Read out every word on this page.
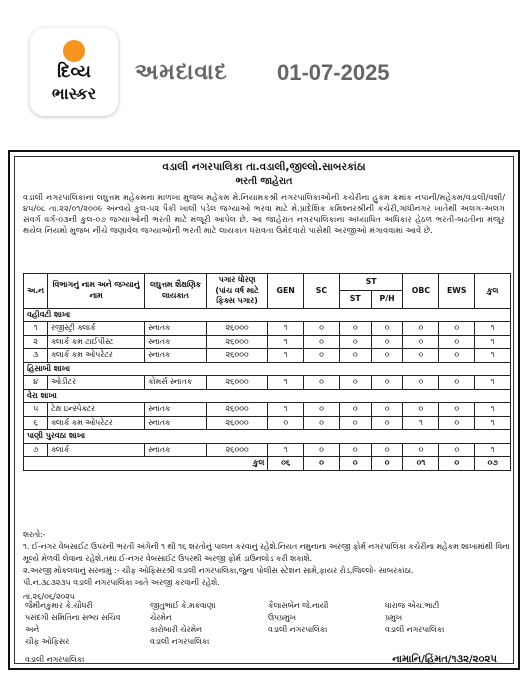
દિવ્ય
ભાસ્કર
અમદાવાદ 01-07-2025
વડાલી નગરપાલિકા તા.વડાલી,જીલ્લો.સાબરકાંઠા
ભરતી જાહેરાત
વડાલી નગરપાલિકાના લઘુત્તમ મહેકમના માળખા મુજબ મહેકમ મે.નિયામકશ્રી નગરપાલિકાઓની કચેરીના હુકમ ક્રમાંક નપાની/મહેકમ/વડાલી/વશી/૪૫/૦૮ તા.૨૨/૦૧/૨૦૦૯ અન્વયે કુલ-૫૨ પૈકી ખાલી પડેલ જગ્યાઓ ભરવા માટે મે.પ્રાદેશિક કમિશ્નરશ્રીની કચેરી,ગાંધીનગર ખાતેથી અલગ-અલગ સંવર્ગ વર્ગ-૦૩ની કુલ-૦૭ જગ્યાઓની ભરતી માટે મંજૂરી આપેલ છે. આ જાહેરાત નગરપાલિકાના અધ્યાધિત અધિકાર હેઠળ ભરતી-બઢતીના મંજૂર થયેલ નિયમો મુજબ નીચે જણાવેલ જગ્યાઓની ભરતી માટે લાયકાત ધરાવતા ઉમેદવારો પાસેથી અરજીઓ મંગાવવામાં આવે છે.
અ.ન	વિભાગનું નામ અને જગ્યાનું નામ	લઘુત્તમ શૈક્ષણિક લાયકાત	પગાર ધોરણ (પાંચ વર્ષ માટે ફિક્સ પગાર)	GEN	SC	ST		OBC	EWS	કુલ
						ST	P/H			
વહીવટી શાખા										
૧	રજીસ્ટ્રી ક્લાર્ક	સ્નાતક	૨૬૦૦૦	૧	૦	૦	૦	૦	૦	૧
૨	ક્લાર્ક કમ ટાઈપીસ્ટ	સ્નાતક	૨૬૦૦૦	૧	૦	૦	૦	૦	૦	૧
૩	ક્લાર્ક કમ ઓપરેટર	સ્નાતક	૨૬૦૦૦	૧	૦	૦	૦	૦	૦	૧
હિસાબી શાખા										
૪	ઓડીટર	કોમર્સ સ્નાતક	૨૬૦૦૦	૧	૦	૦	૦	૦	૦	૧
વેરા શાખા										
૫	ટેક્ષ ઇન્સ્પેક્ટર	સ્નાતક	૨૬૦૦૦	૧	૦	૦	૦	૦	૦	૧
૬	ક્લાર્ક કમ ઓપરેટર	સ્નાતક	૨૬૦૦૦	૦	૦	૦	૦	૧	૦	૧
પાણી પુરવઠા શાખા										
૭	ક્લાર્ક	સ્નાતક	૨૬૦૦૦	૧	૦	૦	૦	૦	૦	૧
કુલ				૦૬	૦	૦	૦	૦૧	૦	૦૭

શરતો:-

૧. ઈ-નગર વેબસાઈટ ઉપરની ભરતી અંગેની ૧ થી ૧૬ શરતોનું પાલન કરવાનું રહેશે.નિયત નમુનાના અરજી ફોર્મ નગરપાલિકા કચેરીના મહેકમ શાખામાંથી વિના મૂલ્યે મેળવી લેવાના રહેશે.તથા ઈ-નગર વેબસાઈટ ઉપરથી અરજી ફોર્મ ડાઉનલોડ કરી શકાશે.

૨.અરજી મોકલવાનું સરનામું :- ચીફ ઓફિસરશ્રી વડાલી નગરપાલિકા,જુના પોલીસ સ્ટેશન સામે,ફાયર રોડ,જિલ્લો- સાબરકાંઠા.

પી.ન.૩૮૩૨૩૫ વડાલી નગરપાલિકા ખાતે અરજી કરવાની રહેશે.

તા.૨૬/૦૬/૨૦૨૫

જૈમીનકુમાર કે.ચૌધરી
પસંદગી સમિતિના સભ્ય સચિવ
અને
ચીફ ઓફિસર
જીતુભાઈ કે.મકવાણા
ચેરમેન
કારોબારી ચેરમેન
વડાલી નગરપાલિકા
કૈલાસબેન જે.નાયી
ઉપપ્રમુખ
વડાલી નગરપાલિકા
ધારાજ એચ.ભાટી
પ્રમુખ
વડાલી નગરપાલિકા
વડાલી નગરપાલિકા	નામાનિ/હિંમત/૧૩૨/૨૦૨૫
